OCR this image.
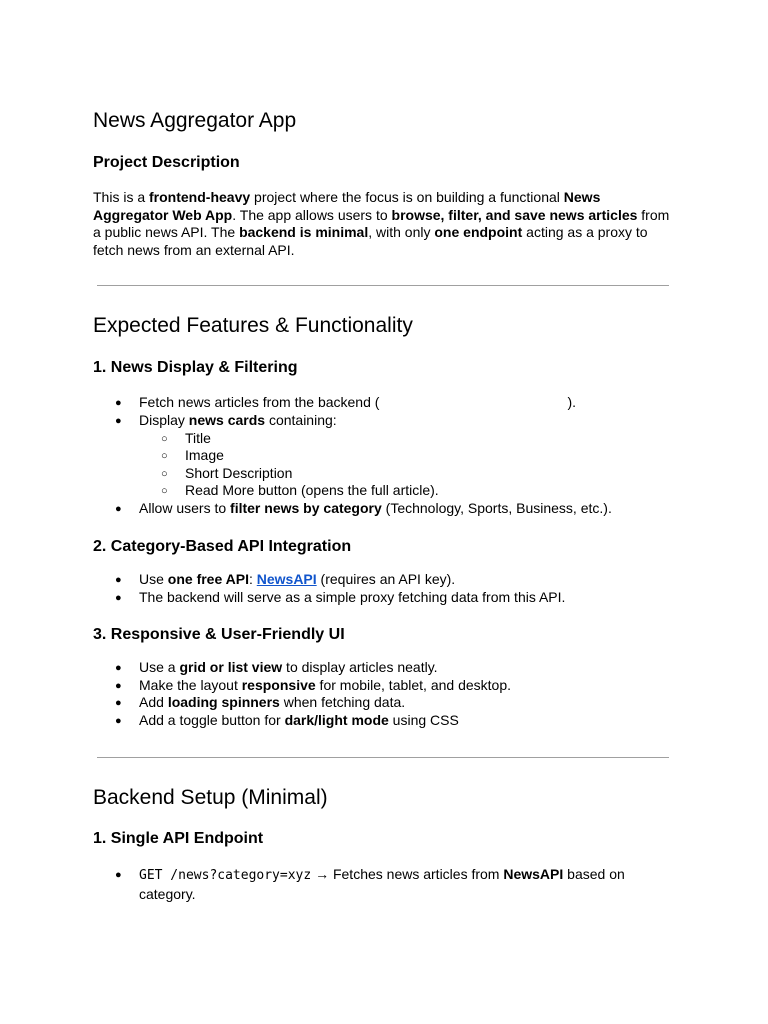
News Aggregator App
Project Description

This is a frontend-heavy project where the focus is on building a functional News Aggregator Web App. The app allows users to browse, filter, and save news articles from a public news API. The backend is minimal, with only one endpoint acting as a proxy to fetch news from an external API.

Expected Features & Functionality
1. News Display & Filtering
● Fetch news articles from the backend (	).
● Display news cards containing:
○ Title
○ Image
○ Short Description
○ Read More button (opens the full article).
● Allow users to filter news by category (Technology, Sports, Business, etc.).
2. Category-Based API Integration
● Use one free API: NewsAPI (requires an API key).
● The backend will serve as a simple proxy fetching data from this API.
3. Responsive & User-Friendly UI
● Use a grid or list view to display articles neatly.
● Make the layout responsive for mobile, tablet, and desktop.
● Add loading spinners when fetching data.
● Add a toggle button for dark/light mode using CSS
Backend Setup (Minimal)
1. Single API Endpoint
● GET /news?category=xyz → Fetches news articles from NewsAPI based on category.
